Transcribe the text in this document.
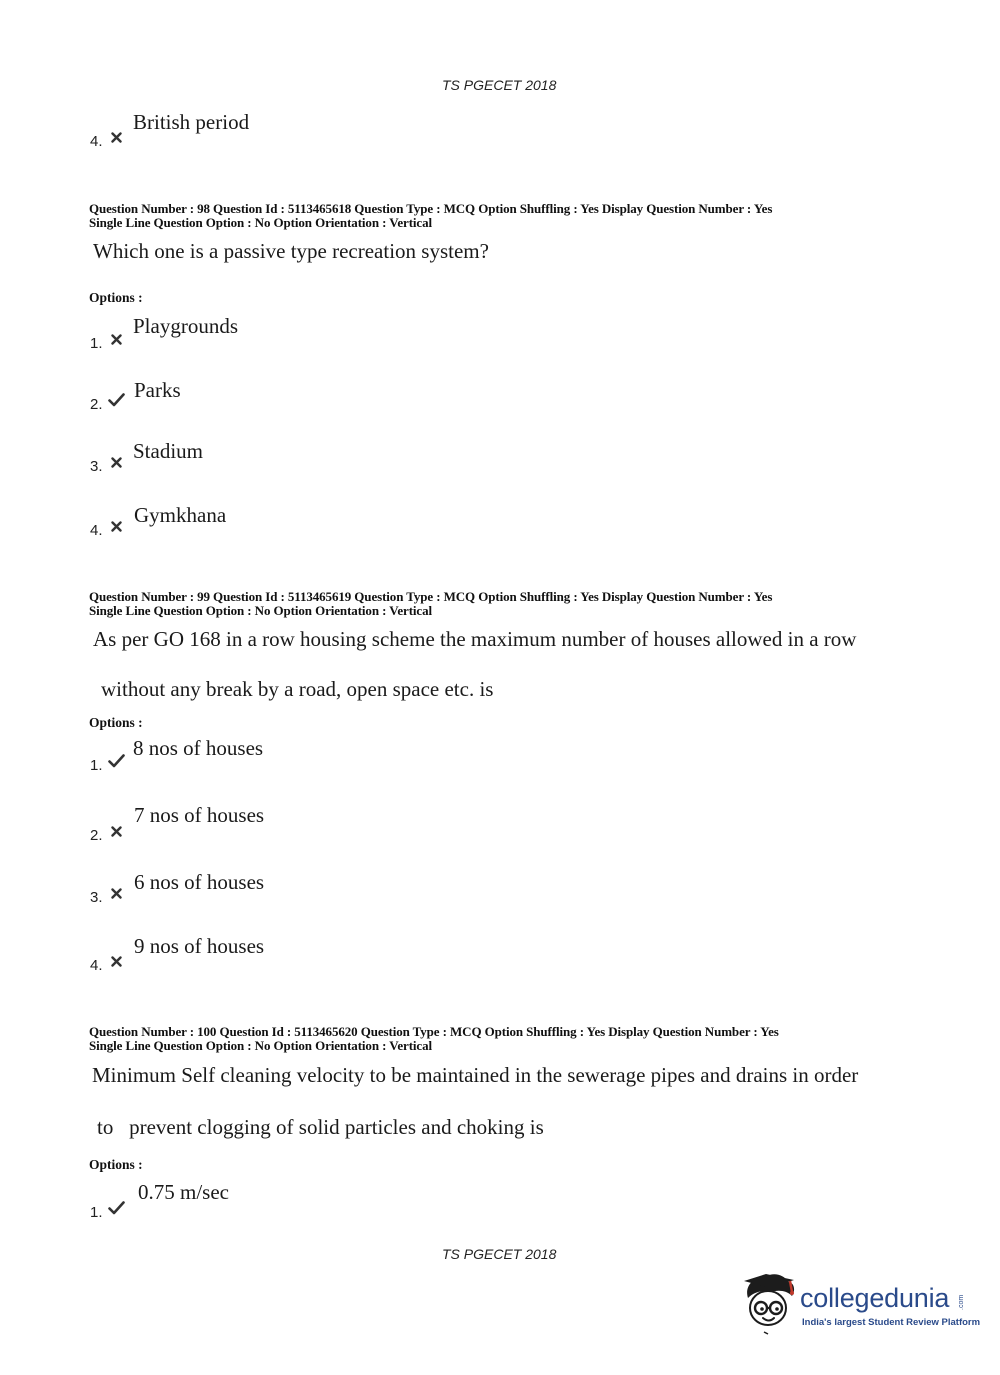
TS PGECET 2018
4.
British period
Question Number : 98 Question Id : 5113465618 Question Type : MCQ Option Shuffling : Yes Display Question Number : Yes
Single Line Question Option : No Option Orientation : Vertical
Which one is a passive type recreation system?
Options :
1.
Playgrounds
2.
Parks
3.
Stadium
4.
Gymkhana
Question Number : 99 Question Id : 5113465619 Question Type : MCQ Option Shuffling : Yes Display Question Number : Yes
Single Line Question Option : No Option Orientation : Vertical
As per GO 168 in a row housing scheme the maximum number of houses allowed in a row
without any break by a road, open space etc. is
Options :
1.
8 nos of houses
2.
7 nos of houses
3.
6 nos of houses
4.
9 nos of houses
Question Number : 100 Question Id : 5113465620 Question Type : MCQ Option Shuffling : Yes Display Question Number : Yes
Single Line Question Option : No Option Orientation : Vertical
Minimum Self cleaning velocity to be maintained in the sewerage pipes and drains in order
to   prevent clogging of solid particles and choking is
Options :
1.
0.75 m/sec
TS PGECET 2018
collegedunia .com
India's largest Student Review Platform
